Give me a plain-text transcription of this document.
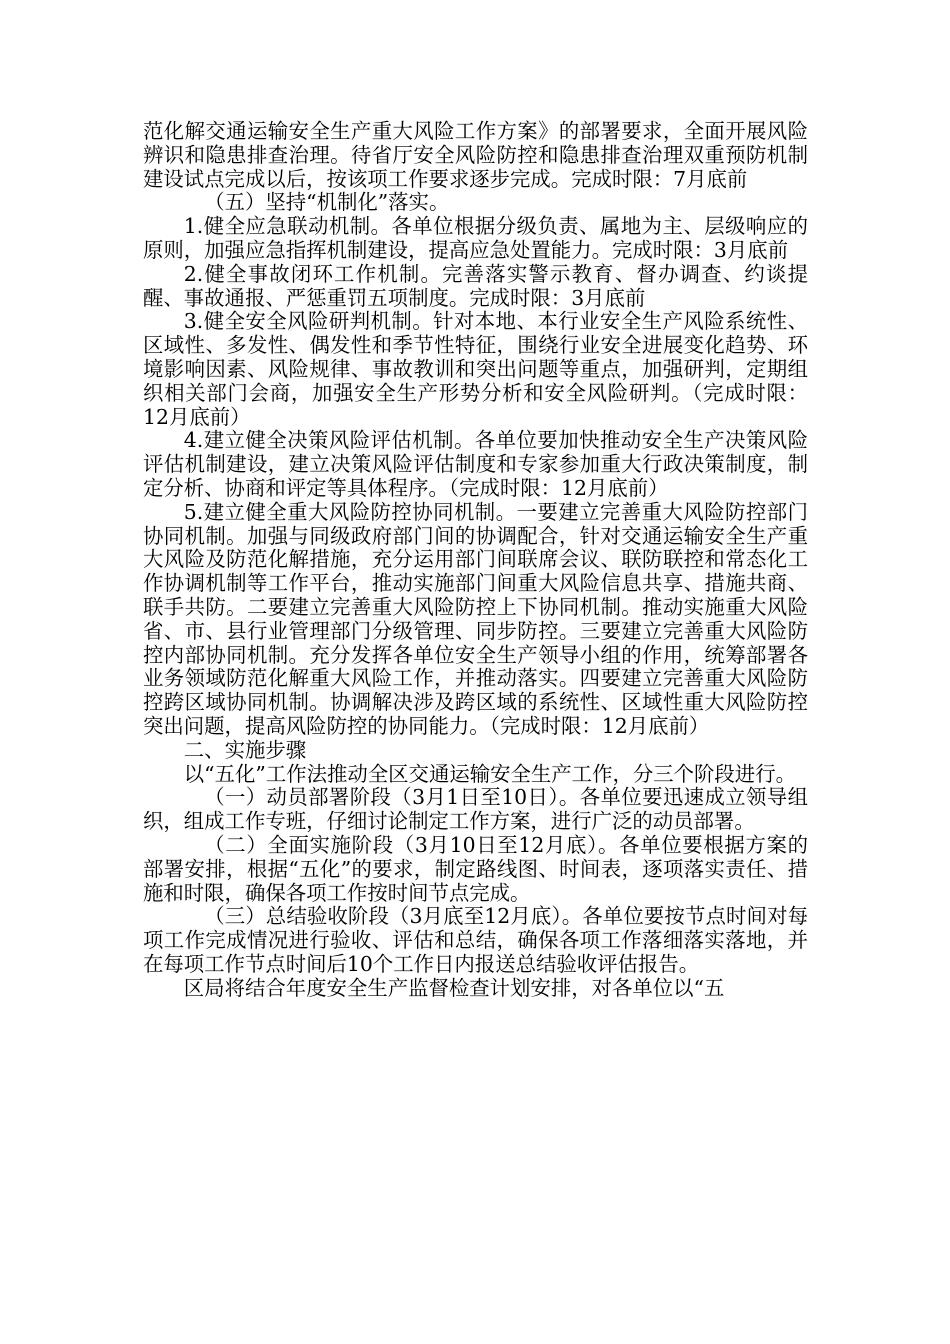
范化解交通运输安全生产重大风险工作方案》的部署要求，全面开展风险辨识和隐患排查治理。待省厅安全风险防控和隐患排查治理双重预防机制建设试点完成以后，按该项工作要求逐步完成。完成时限：7月底前

（五）坚持“机制化”落实。

1.健全应急联动机制。各单位根据分级负责、属地为主、层级响应的原则，加强应急指挥机制建设，提高应急处置能力。完成时限：3月底前

2.健全事故闭环工作机制。完善落实警示教育、督办调查、约谈提醒、事故通报、严惩重罚五项制度。完成时限：3月底前

3.健全安全风险研判机制。针对本地、本行业安全生产风险系统性、区域性、多发性、偶发性和季节性特征，围绕行业安全进展变化趋势、环境影响因素、风险规律、事故教训和突出问题等重点，加强研判，定期组织相关部门会商，加强安全生产形势分析和安全风险研判。（完成时限：12月底前）

4.建立健全决策风险评估机制。各单位要加快推动安全生产决策风险评估机制建设，建立决策风险评估制度和专家参加重大行政决策制度，制定分析、协商和评定等具体程序。（完成时限：12月底前）

5.建立健全重大风险防控协同机制。一要建立完善重大风险防控部门协同机制。加强与同级政府部门间的协调配合，针对交通运输安全生产重大风险及防范化解措施，充分运用部门间联席会议、联防联控和常态化工作协调机制等工作平台，推动实施部门间重大风险信息共享、措施共商、联手共防。二要建立完善重大风险防控上下协同机制。推动实施重大风险省、市、县行业管理部门分级管理、同步防控。三要建立完善重大风险防控内部协同机制。充分发挥各单位安全生产领导小组的作用，统筹部署各业务领域防范化解重大风险工作，并推动落实。四要建立完善重大风险防控跨区域协同机制。协调解决涉及跨区域的系统性、区域性重大风险防控突出问题，提高风险防控的协同能力。（完成时限：12月底前）

二、实施步骤

以“五化”工作法推动全区交通运输安全生产工作，分三个阶段进行。

（一）动员部署阶段（3月1日至10日）。各单位要迅速成立领导组织，组成工作专班，仔细讨论制定工作方案，进行广泛的动员部署。

（二）全面实施阶段（3月10日至12月底）。各单位要根据方案的部署安排，根据“五化”的要求，制定路线图、时间表，逐项落实责任、措施和时限，确保各项工作按时间节点完成。

（三）总结验收阶段（3月底至12月底）。各单位要按节点时间对每项工作完成情况进行验收、评估和总结，确保各项工作落细落实落地，并在每项工作节点时间后10个工作日内报送总结验收评估报告。

区局将结合年度安全生产监督检查计划安排，对各单位以“五
